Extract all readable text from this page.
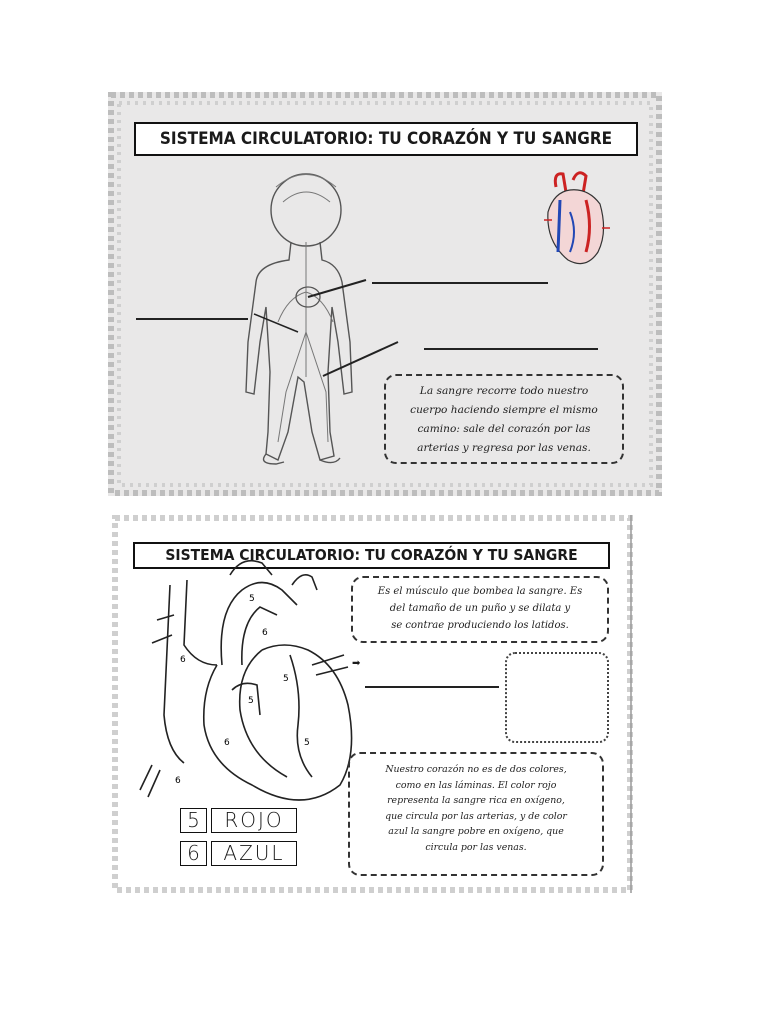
SISTEMA CIRCULATORIO: TU CORAZÓN Y TU SANGRE
La sangre recorre todo nuestro
cuerpo haciendo siempre el mismo
camino: sale del corazón por las
arterias y regresa por las venas.
SISTEMA CIRCULATORIO: TU CORAZÓN Y TU SANGRE
Es el músculo que bombea la sangre. Es
del tamaño de un puño y se dilata y
se contrae produciendo los latidos.
5
6
6
5
5
6	5
6
➡
Nuestro corazón no es de dos colores,
como en las láminas. El color rojo
representa la sangre rica en oxígeno,
que circula por las arterias, y de color
azul la sangre pobre en oxígeno, que
circula por las venas.
5	ROJO
6	AZUL
